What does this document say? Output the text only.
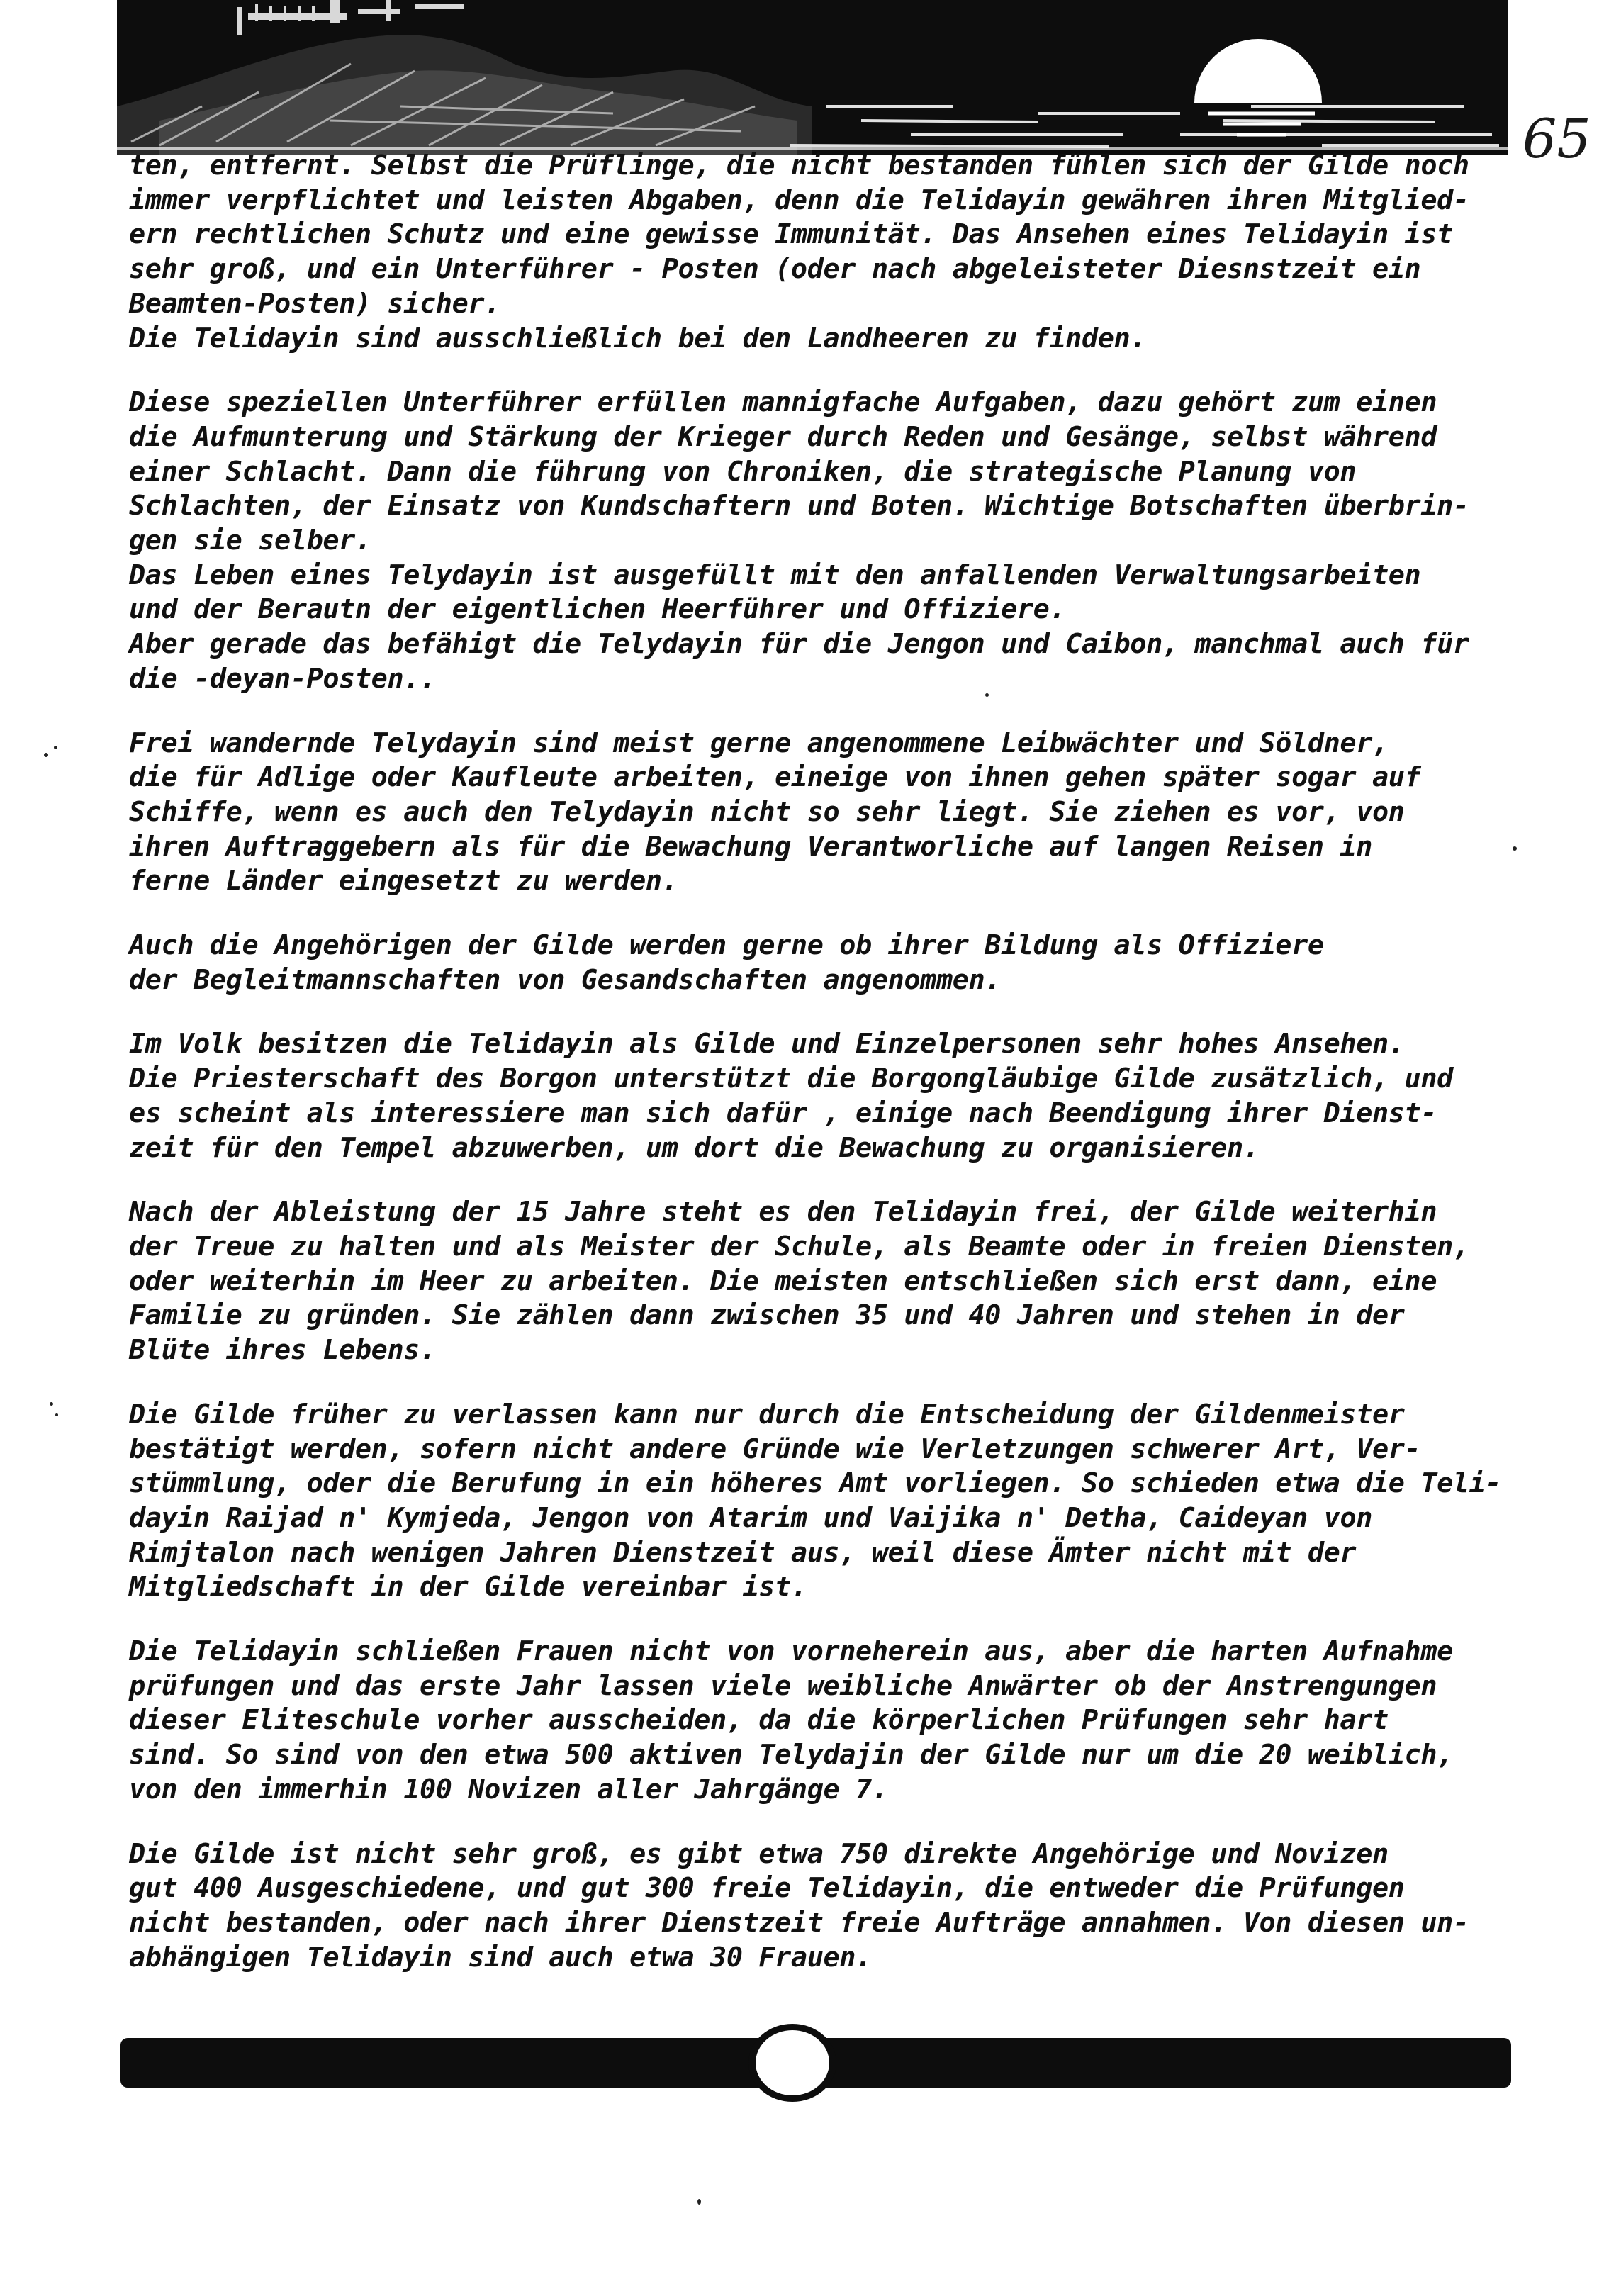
65
ten, entfernt. Selbst die Prüflinge, die nicht bestanden fühlen sich der Gilde noch
immer verpflichtet und leisten Abgaben, denn die Telidayin gewähren ihren Mitglied-
ern rechtlichen Schutz und eine gewisse Immunität. Das Ansehen eines Telidayin ist
sehr groß, und ein Unterführer - Posten (oder nach abgeleisteter Diesnstzeit ein
Beamten-Posten) sicher.
Die Telidayin sind ausschließlich bei den Landheeren zu finden.
Diese speziellen Unterführer erfüllen mannigfache Aufgaben, dazu gehört zum einen
die Aufmunterung und Stärkung der Krieger durch Reden und Gesänge, selbst während
einer Schlacht. Dann die führung von Chroniken, die strategische Planung von
Schlachten, der Einsatz von Kundschaftern und Boten. Wichtige Botschaften überbrin-
gen sie selber.
Das Leben eines Telydayin ist ausgefüllt mit den anfallenden Verwaltungsarbeiten
und der Berautn der eigentlichen Heerführer und Offiziere.
Aber gerade das befähigt die Telydayin für die Jengon und Caibon, manchmal auch für
die -deyan-Posten..
Frei wandernde Telydayin sind meist gerne angenommene Leibwächter und Söldner,
die für Adlige oder Kaufleute arbeiten, eineige von ihnen gehen später sogar auf
Schiffe, wenn es auch den Telydayin nicht so sehr liegt. Sie ziehen es vor, von
ihren Auftraggebern als für die Bewachung Verantworliche auf langen Reisen in
ferne Länder eingesetzt zu werden.
Auch die Angehörigen der Gilde werden gerne ob ihrer Bildung als Offiziere
der Begleitmannschaften von Gesandschaften angenommen.
Im Volk besitzen die Telidayin als Gilde und Einzelpersonen sehr hohes Ansehen.
Die Priesterschaft des Borgon unterstützt die Borgongläubige Gilde zusätzlich, und
es scheint als interessiere man sich dafür , einige nach Beendigung ihrer Dienst-
zeit für den Tempel abzuwerben, um dort die Bewachung zu organisieren.
Nach der Ableistung der 15 Jahre steht es den Telidayin frei, der Gilde weiterhin
der Treue zu halten und als Meister der Schule, als Beamte oder in freien Diensten,
oder weiterhin im Heer zu arbeiten. Die meisten entschließen sich erst dann, eine
Familie zu gründen. Sie zählen dann zwischen 35 und 40 Jahren und stehen in der
Blüte ihres Lebens.
Die Gilde früher zu verlassen kann nur durch die Entscheidung der Gildenmeister
bestätigt werden, sofern nicht andere Gründe wie Verletzungen schwerer Art, Ver-
stümmlung, oder die Berufung in ein höheres Amt vorliegen. So schieden etwa die Teli-
dayin Raijad n' Kymjeda, Jengon von Atarim und Vaijika n' Detha, Caideyan von
Rimjtalon nach wenigen Jahren Dienstzeit aus, weil diese Ämter nicht mit der
Mitgliedschaft in der Gilde vereinbar ist.
Die Telidayin schließen Frauen nicht von vorneherein aus, aber die harten Aufnahme
prüfungen und das erste Jahr lassen viele weibliche Anwärter ob der Anstrengungen
dieser Eliteschule vorher ausscheiden, da die körperlichen Prüfungen sehr hart
sind. So sind von den etwa 500 aktiven Telydajin der Gilde nur um die 20 weiblich,
von den immerhin 100 Novizen aller Jahrgänge 7.
Die Gilde ist nicht sehr groß, es gibt etwa 750 direkte Angehörige und Novizen
gut 400 Ausgeschiedene, und gut 300 freie Telidayin, die entweder die Prüfungen
nicht bestanden, oder nach ihrer Dienstzeit freie Aufträge annahmen. Von diesen un-
abhängigen Telidayin sind auch etwa 30 Frauen.
